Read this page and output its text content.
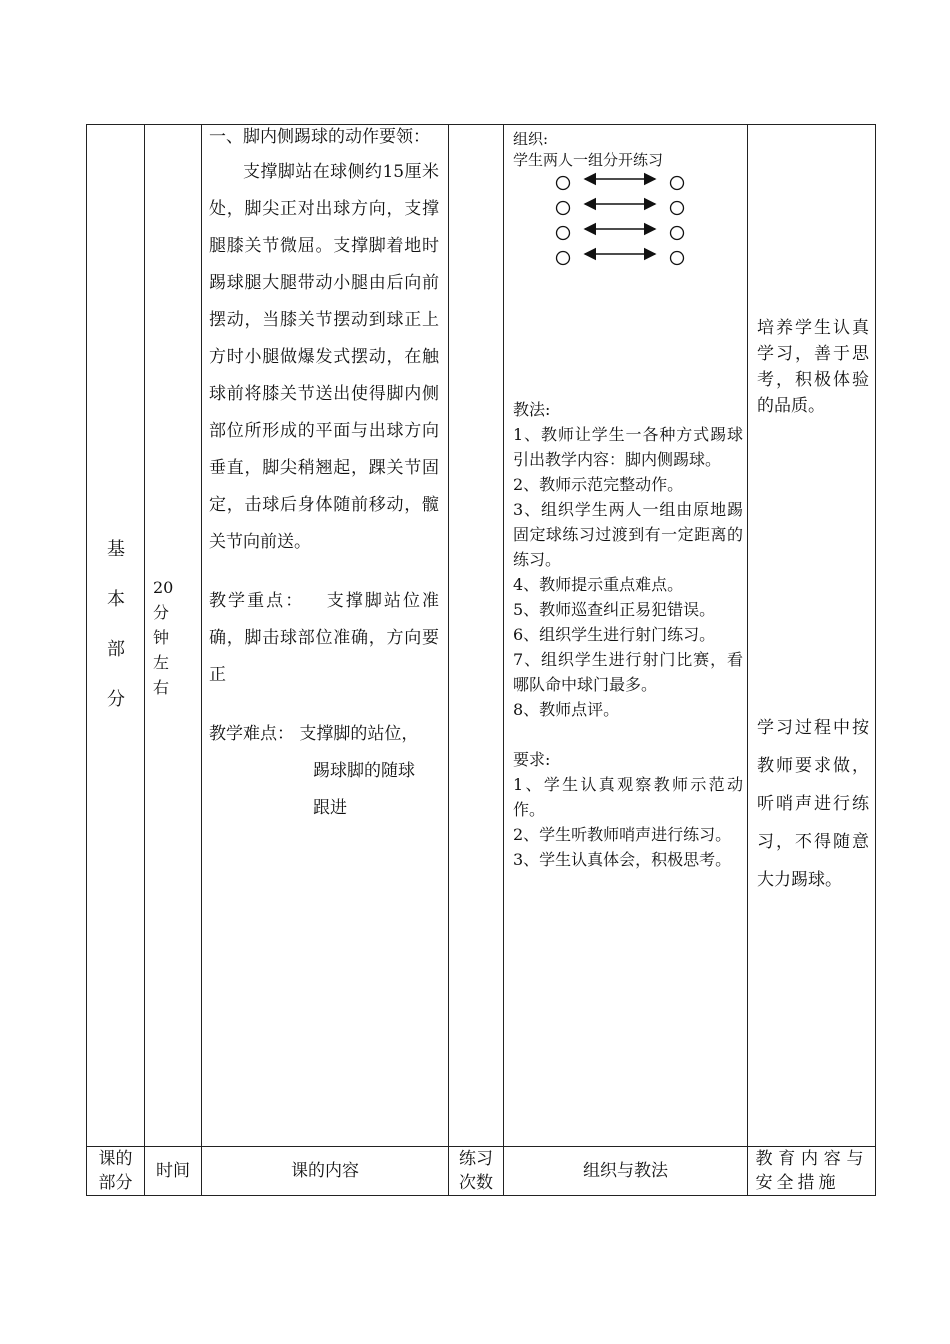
基
本
部
分
20
分
钟
左
右

一、脚内侧踢球的动作要领：

支撑脚站在球侧约15厘米处，脚尖正对出球方向，支撑腿膝关节微屈。支撑脚着地时踢球腿大腿带动小腿由后向前摆动，当膝关节摆动到球正上方时小腿做爆发式摆动，在触球前将膝关节送出使得脚内侧部位所形成的平面与出球方向垂直，脚尖稍翘起，踝关节固定，击球后身体随前移动，髋关节向前送。

教学重点： 支撑脚站位准确，脚击球部位准确，方向要正

教学难点： 支撑脚的站位，
踢球脚的随球
跟进
组织:
学生两人一组分开练习
教法:
1、教师让学生一各种方式踢球引出教学内容：脚内侧踢球。
2、教师示范完整动作。
3、组织学生两人一组由原地踢固定球练习过渡到有一定距离的练习。
4、教师提示重点难点。
5、教师巡查纠正易犯错误。
6、组织学生进行射门练习。
7、组织学生进行射门比赛，看哪队命中球门最多。
8、教师点评。
要求:
1、学生认真观察教师示范动作。
2、学生听教师哨声进行练习。
3、学生认真体会，积极思考。
培养学生认真学习，善于思考，积极体验的品质。
学习过程中按教师要求做，听哨声进行练习，不得随意大力踢球。
课的部分
时间	课的内容
练习次数
组织与教法
教育内容与安全措施
